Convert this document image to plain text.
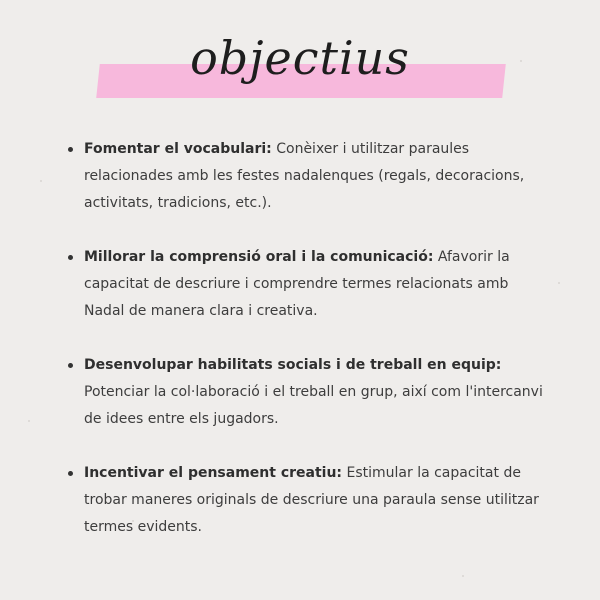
objectius
Fomentar el vocabulari: Conèixer i utilitzar paraules relacionades amb les festes nadalenques (regals, decoracions, activitats, tradicions, etc.).
Millorar la comprensió oral i la comunicació: Afavorir la capacitat de descriure i comprendre termes relacionats amb Nadal de manera clara i creativa.
Desenvolupar habilitats socials i de treball en equip: Potenciar la col·laboració i el treball en grup, així com l'intercanvi de idees entre els jugadors.
Incentivar el pensament creatiu: Estimular la capacitat de trobar maneres originals de descriure una paraula sense utilitzar termes evidents.
